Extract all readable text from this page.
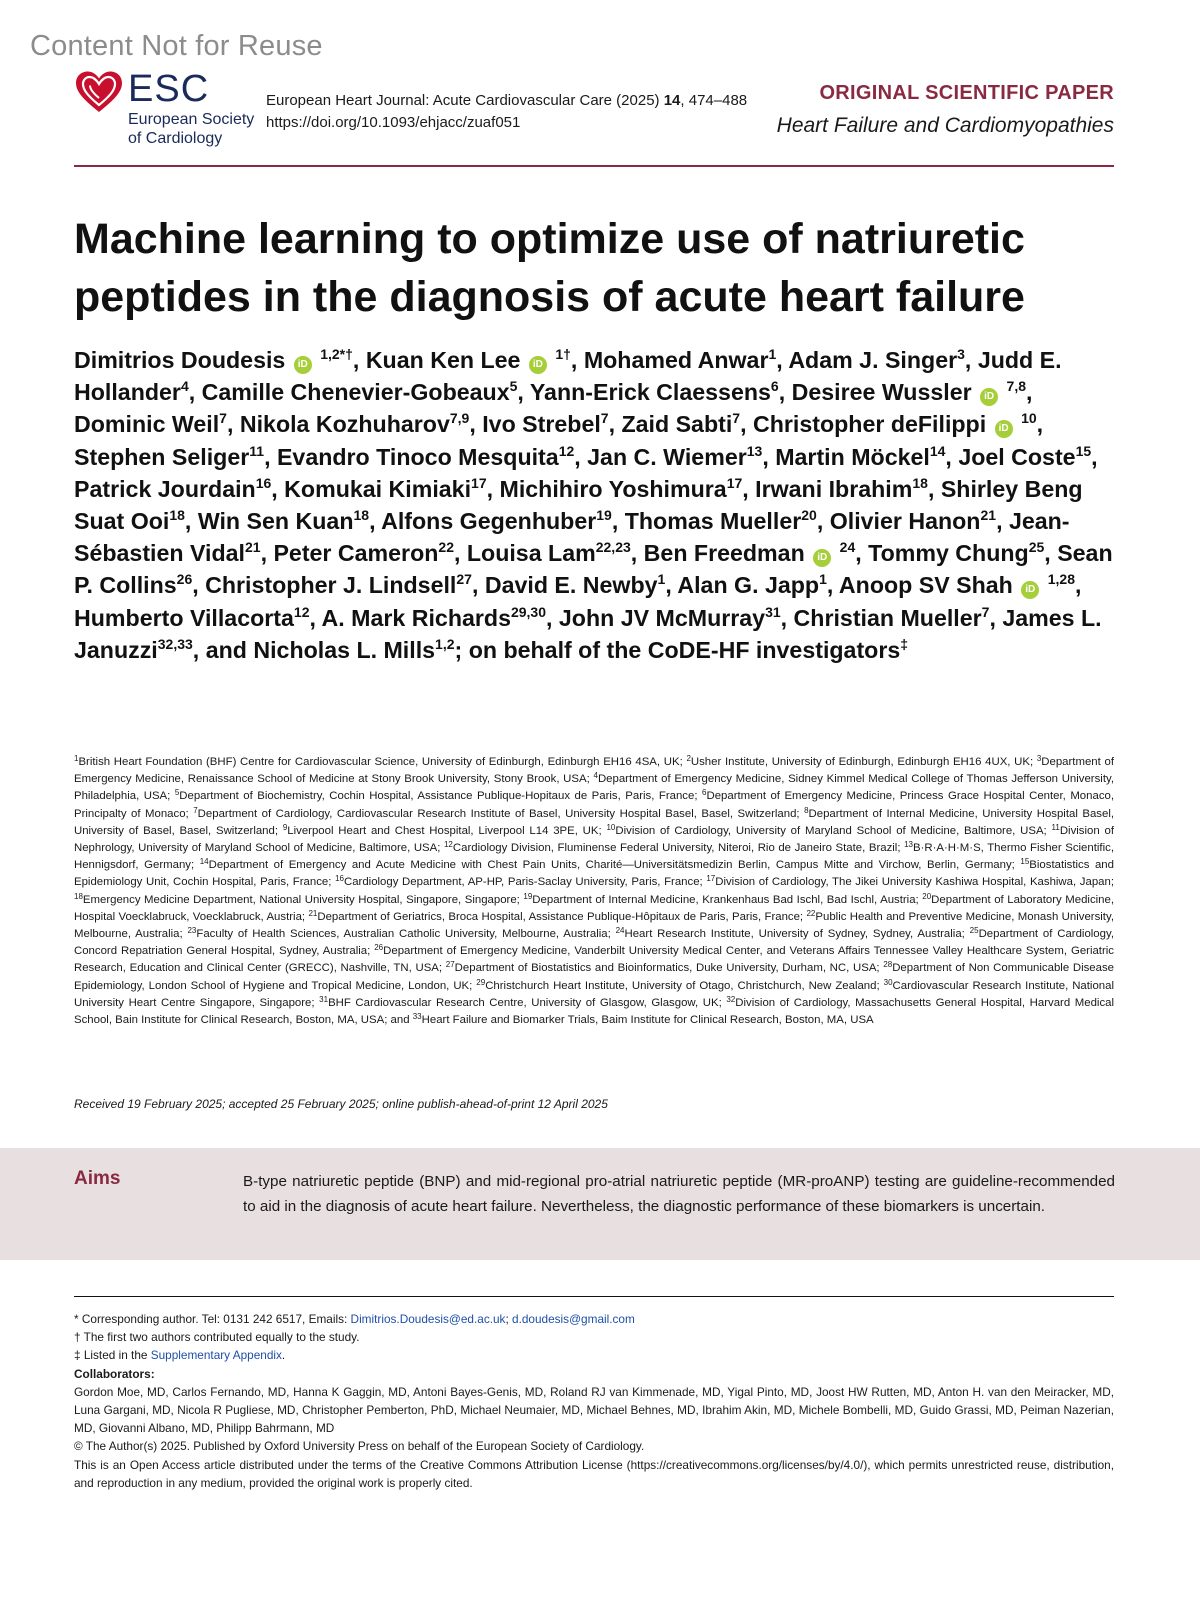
Content Not for Reuse
ESC
European Society
of Cardiology
European Heart Journal: Acute Cardiovascular Care (2025) 14, 474–488
https://doi.org/10.1093/ehjacc/zuaf051
ORIGINAL SCIENTIFIC PAPER
Heart Failure and Cardiomyopathies
Machine learning to optimize use of natriuretic peptides in the diagnosis of acute heart failure
Dimitrios Doudesis iD $^{1,2*\dagger}$, Kuan Ken Lee iD $^{1\dagger}$, Mohamed Anwar$^1$, Adam J. Singer$^3$, Judd E. Hollander$^4$, Camille Chenevier-Gobeaux$^5$, Yann-Erick Claessens$^6$, Desiree Wussler iD $^{7,8}$, Dominic Weil$^7$, Nikola Kozhuharov$^{7,9}$, Ivo Strebel$^7$, Zaid Sabti$^7$, Christopher deFilippi iD $^{10}$, Stephen Seliger$^{11}$, Evandro Tinoco Mesquita$^{12}$, Jan C. Wiemer$^{13}$, Martin Möckel$^{14}$, Joel Coste$^{15}$, Patrick Jourdain$^{16}$, Komukai Kimiaki$^{17}$, Michihiro Yoshimura$^{17}$, Irwani Ibrahim$^{18}$, Shirley Beng Suat Ooi$^{18}$, Win Sen Kuan$^{18}$, Alfons Gegenhuber$^{19}$, Thomas Mueller$^{20}$, Olivier Hanon$^{21}$, Jean-Sébastien Vidal$^{21}$, Peter Cameron$^{22}$, Louisa Lam$^{22,23}$, Ben Freedman iD $^{24}$, Tommy Chung$^{25}$, Sean P. Collins$^{26}$, Christopher J. Lindsell$^{27}$, David E. Newby$^1$, Alan G. Japp$^1$, Anoop SV Shah iD $^{1,28}$, Humberto Villacorta$^{12}$, A. Mark Richards$^{29,30}$, John JV McMurray$^{31}$, Christian Mueller$^7$, James L. Januzzi$^{32,33}$, and Nicholas L. Mills$^{1,2}$; on behalf of the CoDE-HF investigators‡
$^1$British Heart Foundation (BHF) Centre for Cardiovascular Science, University of Edinburgh, Edinburgh EH16 4SA, UK; $^2$Usher Institute, University of Edinburgh, Edinburgh EH16 4UX, UK; $^3$Department of Emergency Medicine, Renaissance School of Medicine at Stony Brook University, Stony Brook, USA; $^4$Department of Emergency Medicine, Sidney Kimmel Medical College of Thomas Jefferson University, Philadelphia, USA; $^5$Department of Biochemistry, Cochin Hospital, Assistance Publique-Hopitaux de Paris, Paris, France; $^6$Department of Emergency Medicine, Princess Grace Hospital Center, Monaco, Principalty of Monaco; $^7$Department of Cardiology, Cardiovascular Research Institute of Basel, University Hospital Basel, Basel, Switzerland; $^8$Department of Internal Medicine, University Hospital Basel, University of Basel, Basel, Switzerland; $^9$Liverpool Heart and Chest Hospital, Liverpool L14 3PE, UK; $^{10}$Division of Cardiology, University of Maryland School of Medicine, Baltimore, USA; $^{11}$Division of Nephrology, University of Maryland School of Medicine, Baltimore, USA; $^{12}$Cardiology Division, Fluminense Federal University, Niteroi, Rio de Janeiro State, Brazil; $^{13}$B·R·A·H·M·S, Thermo Fisher Scientific, Hennigsdorf, Germany; $^{14}$Department of Emergency and Acute Medicine with Chest Pain Units, Charité—Universitätsmedizin Berlin, Campus Mitte and Virchow, Berlin, Germany; $^{15}$Biostatistics and Epidemiology Unit, Cochin Hospital, Paris, France; $^{16}$Cardiology Department, AP-HP, Paris-Saclay University, Paris, France; $^{17}$Division of Cardiology, The Jikei University Kashiwa Hospital, Kashiwa, Japan; $^{18}$Emergency Medicine Department, National University Hospital, Singapore, Singapore; $^{19}$Department of Internal Medicine, Krankenhaus Bad Ischl, Bad Ischl, Austria; $^{20}$Department of Laboratory Medicine, Hospital Voecklabruck, Voecklabruck, Austria; $^{21}$Department of Geriatrics, Broca Hospital, Assistance Publique-Hôpitaux de Paris, Paris, France; $^{22}$Public Health and Preventive Medicine, Monash University, Melbourne, Australia; $^{23}$Faculty of Health Sciences, Australian Catholic University, Melbourne, Australia; $^{24}$Heart Research Institute, University of Sydney, Sydney, Australia; $^{25}$Department of Cardiology, Concord Repatriation General Hospital, Sydney, Australia; $^{26}$Department of Emergency Medicine, Vanderbilt University Medical Center, and Veterans Affairs Tennessee Valley Healthcare System, Geriatric Research, Education and Clinical Center (GRECC), Nashville, TN, USA; $^{27}$Department of Biostatistics and Bioinformatics, Duke University, Durham, NC, USA; $^{28}$Department of Non Communicable Disease Epidemiology, London School of Hygiene and Tropical Medicine, London, UK; $^{29}$Christchurch Heart Institute, University of Otago, Christchurch, New Zealand; $^{30}$Cardiovascular Research Institute, National University Heart Centre Singapore, Singapore; $^{31}$BHF Cardiovascular Research Centre, University of Glasgow, Glasgow, UK; $^{32}$Division of Cardiology, Massachusetts General Hospital, Harvard Medical School, Bain Institute for Clinical Research, Boston, MA, USA; and $^{33}$Heart Failure and Biomarker Trials, Baim Institute for Clinical Research, Boston, MA, USA
Received 19 February 2025; accepted 25 February 2025; online publish-ahead-of-print 12 April 2025
Aims	B-type natriuretic peptide (BNP) and mid-regional pro-atrial natriuretic peptide (MR-proANP) testing are guideline-recommended to aid in the diagnosis of acute heart failure. Nevertheless, the diagnostic performance of these biomarkers is uncertain.

* Corresponding author. Tel: 0131 242 6517, Emails: Dimitrios.Doudesis@ed.ac.uk; d.doudesis@gmail.com

† The first two authors contributed equally to the study.

‡ Listed in the Supplementary Appendix.

Collaborators:

Gordon Moe, MD, Carlos Fernando, MD, Hanna K Gaggin, MD, Antoni Bayes-Genis, MD, Roland RJ van Kimmenade, MD, Yigal Pinto, MD, Joost HW Rutten, MD, Anton H. van den Meiracker, MD, Luna Gargani, MD, Nicola R Pugliese, MD, Christopher Pemberton, PhD, Michael Neumaier, MD, Michael Behnes, MD, Ibrahim Akin, MD, Michele Bombelli, MD, Guido Grassi, MD, Peiman Nazerian, MD, Giovanni Albano, MD, Philipp Bahrmann, MD

© The Author(s) 2025. Published by Oxford University Press on behalf of the European Society of Cardiology.

This is an Open Access article distributed under the terms of the Creative Commons Attribution License (https://creativecommons.org/licenses/by/4.0/), which permits unrestricted reuse, distribution, and reproduction in any medium, provided the original work is properly cited.
